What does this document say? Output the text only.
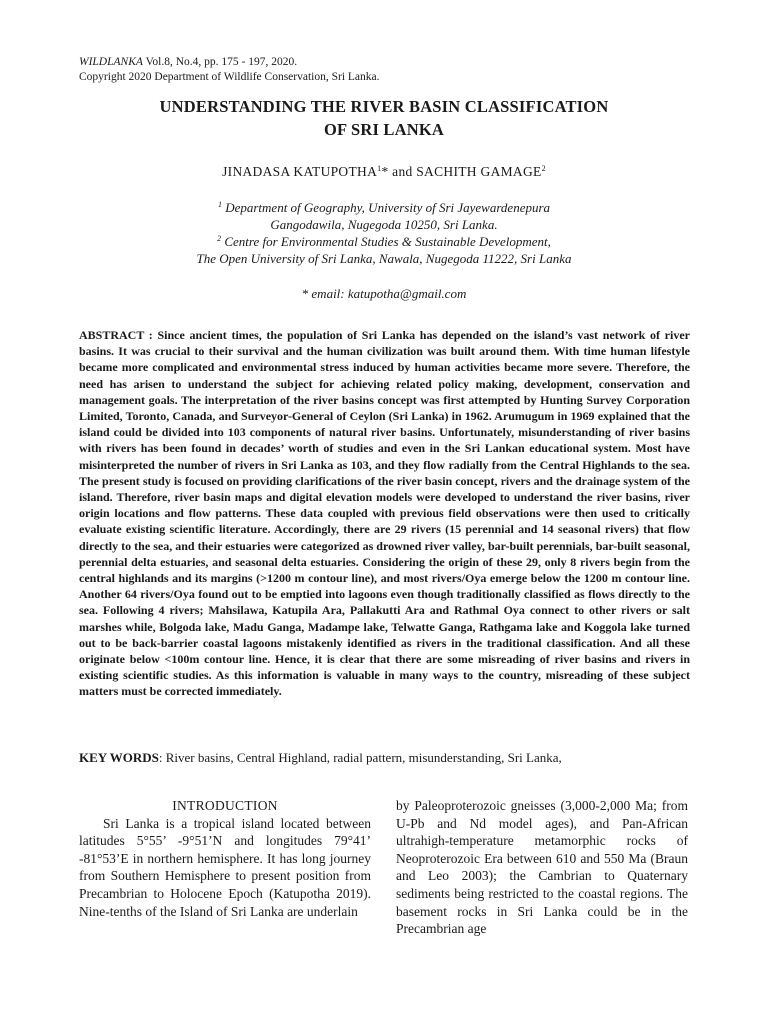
WILDLANKA Vol.8, No.4, pp. 175 - 197, 2020.
Copyright 2020 Department of Wildlife Conservation, Sri Lanka.
UNDERSTANDING THE RIVER BASIN CLASSIFICATION
OF SRI LANKA
JINADASA KATUPOTHA$^1$* and SACHITH GAMAGE$^2$
$^1$ Department of Geography, University of Sri Jayewardenepura
Gangodawila, Nugegoda 10250, Sri Lanka.
$^2$ Centre for Environmental Studies & Sustainable Development,
The Open University of Sri Lanka, Nawala, Nugegoda 11222, Sri Lanka
* email: katupotha@gmail.com
ABSTRACT : Since ancient times, the population of Sri Lanka has depended on the island’s vast network of river basins. It was crucial to their survival and the human civilization was built around them. With time human lifestyle became more complicated and environmental stress induced by human activities became more severe. Therefore, the need has arisen to understand the subject for achieving related policy making, development, conservation and management goals. The interpretation of the river basins concept was first attempted by Hunting Survey Corporation Limited, Toronto, Canada, and Surveyor-General of Ceylon (Sri Lanka) in 1962. Arumugum in 1969 explained that the island could be divided into 103 components of natural river basins. Unfortunately, misunderstanding of river basins with rivers has been found in decades’ worth of studies and even in the Sri Lankan educational system. Most have misinterpreted the number of rivers in Sri Lanka as 103, and they flow radially from the Central Highlands to the sea. The present study is focused on providing clarifications of the river basin concept, rivers and the drainage system of the island. Therefore, river basin maps and digital elevation models were developed to understand the river basins, river origin locations and flow patterns. These data coupled with previous field observations were then used to critically evaluate existing scientific literature. Accordingly, there are 29 rivers (15 perennial and 14 seasonal rivers) that flow directly to the sea, and their estuaries were categorized as drowned river valley, bar-built perennials, bar-built seasonal, perennial delta estuaries, and seasonal delta estuaries. Considering the origin of these 29, only 8 rivers begin from the central highlands and its margins (>1200 m contour line), and most rivers/Oya emerge below the 1200 m contour line. Another 64 rivers/Oya found out to be emptied into lagoons even though traditionally classified as flows directly to the sea. Following 4 rivers; Mahsilawa, Katupila Ara, Pallakutti Ara and Rathmal Oya connect to other rivers or salt marshes while, Bolgoda lake, Madu Ganga, Madampe lake, Telwatte Ganga, Rathgama lake and Koggola lake turned out to be back-barrier coastal lagoons mistakenly identified as rivers in the traditional classification. And all these originate below <100m contour line. Hence, it is clear that there are some misreading of river basins and rivers in existing scientific studies. As this information is valuable in many ways to the country, misreading of these subject matters must be corrected immediately.
KEY WORDS: River basins, Central Highland, radial pattern, misunderstanding, Sri Lanka,
INTRODUCTION
Sri Lanka is a tropical island located between latitudes 5°55’ -9°51’N and longitudes 79°41’ -81°53’E in northern hemisphere. It has long journey from Southern Hemisphere to present position from Precambrian to Holocene Epoch (Katupotha 2019). Nine-tenths of the Island of Sri Lanka are underlain
by Paleoproterozoic gneisses (3,000-2,000 Ma; from U-Pb and Nd model ages), and Pan-African ultrahigh-temperature metamorphic rocks of Neoproterozoic Era between 610 and 550 Ma (Braun and Leo 2003); the Cambrian to Quaternary sediments being restricted to the coastal regions. The basement rocks in Sri Lanka could be in the Precambrian age
